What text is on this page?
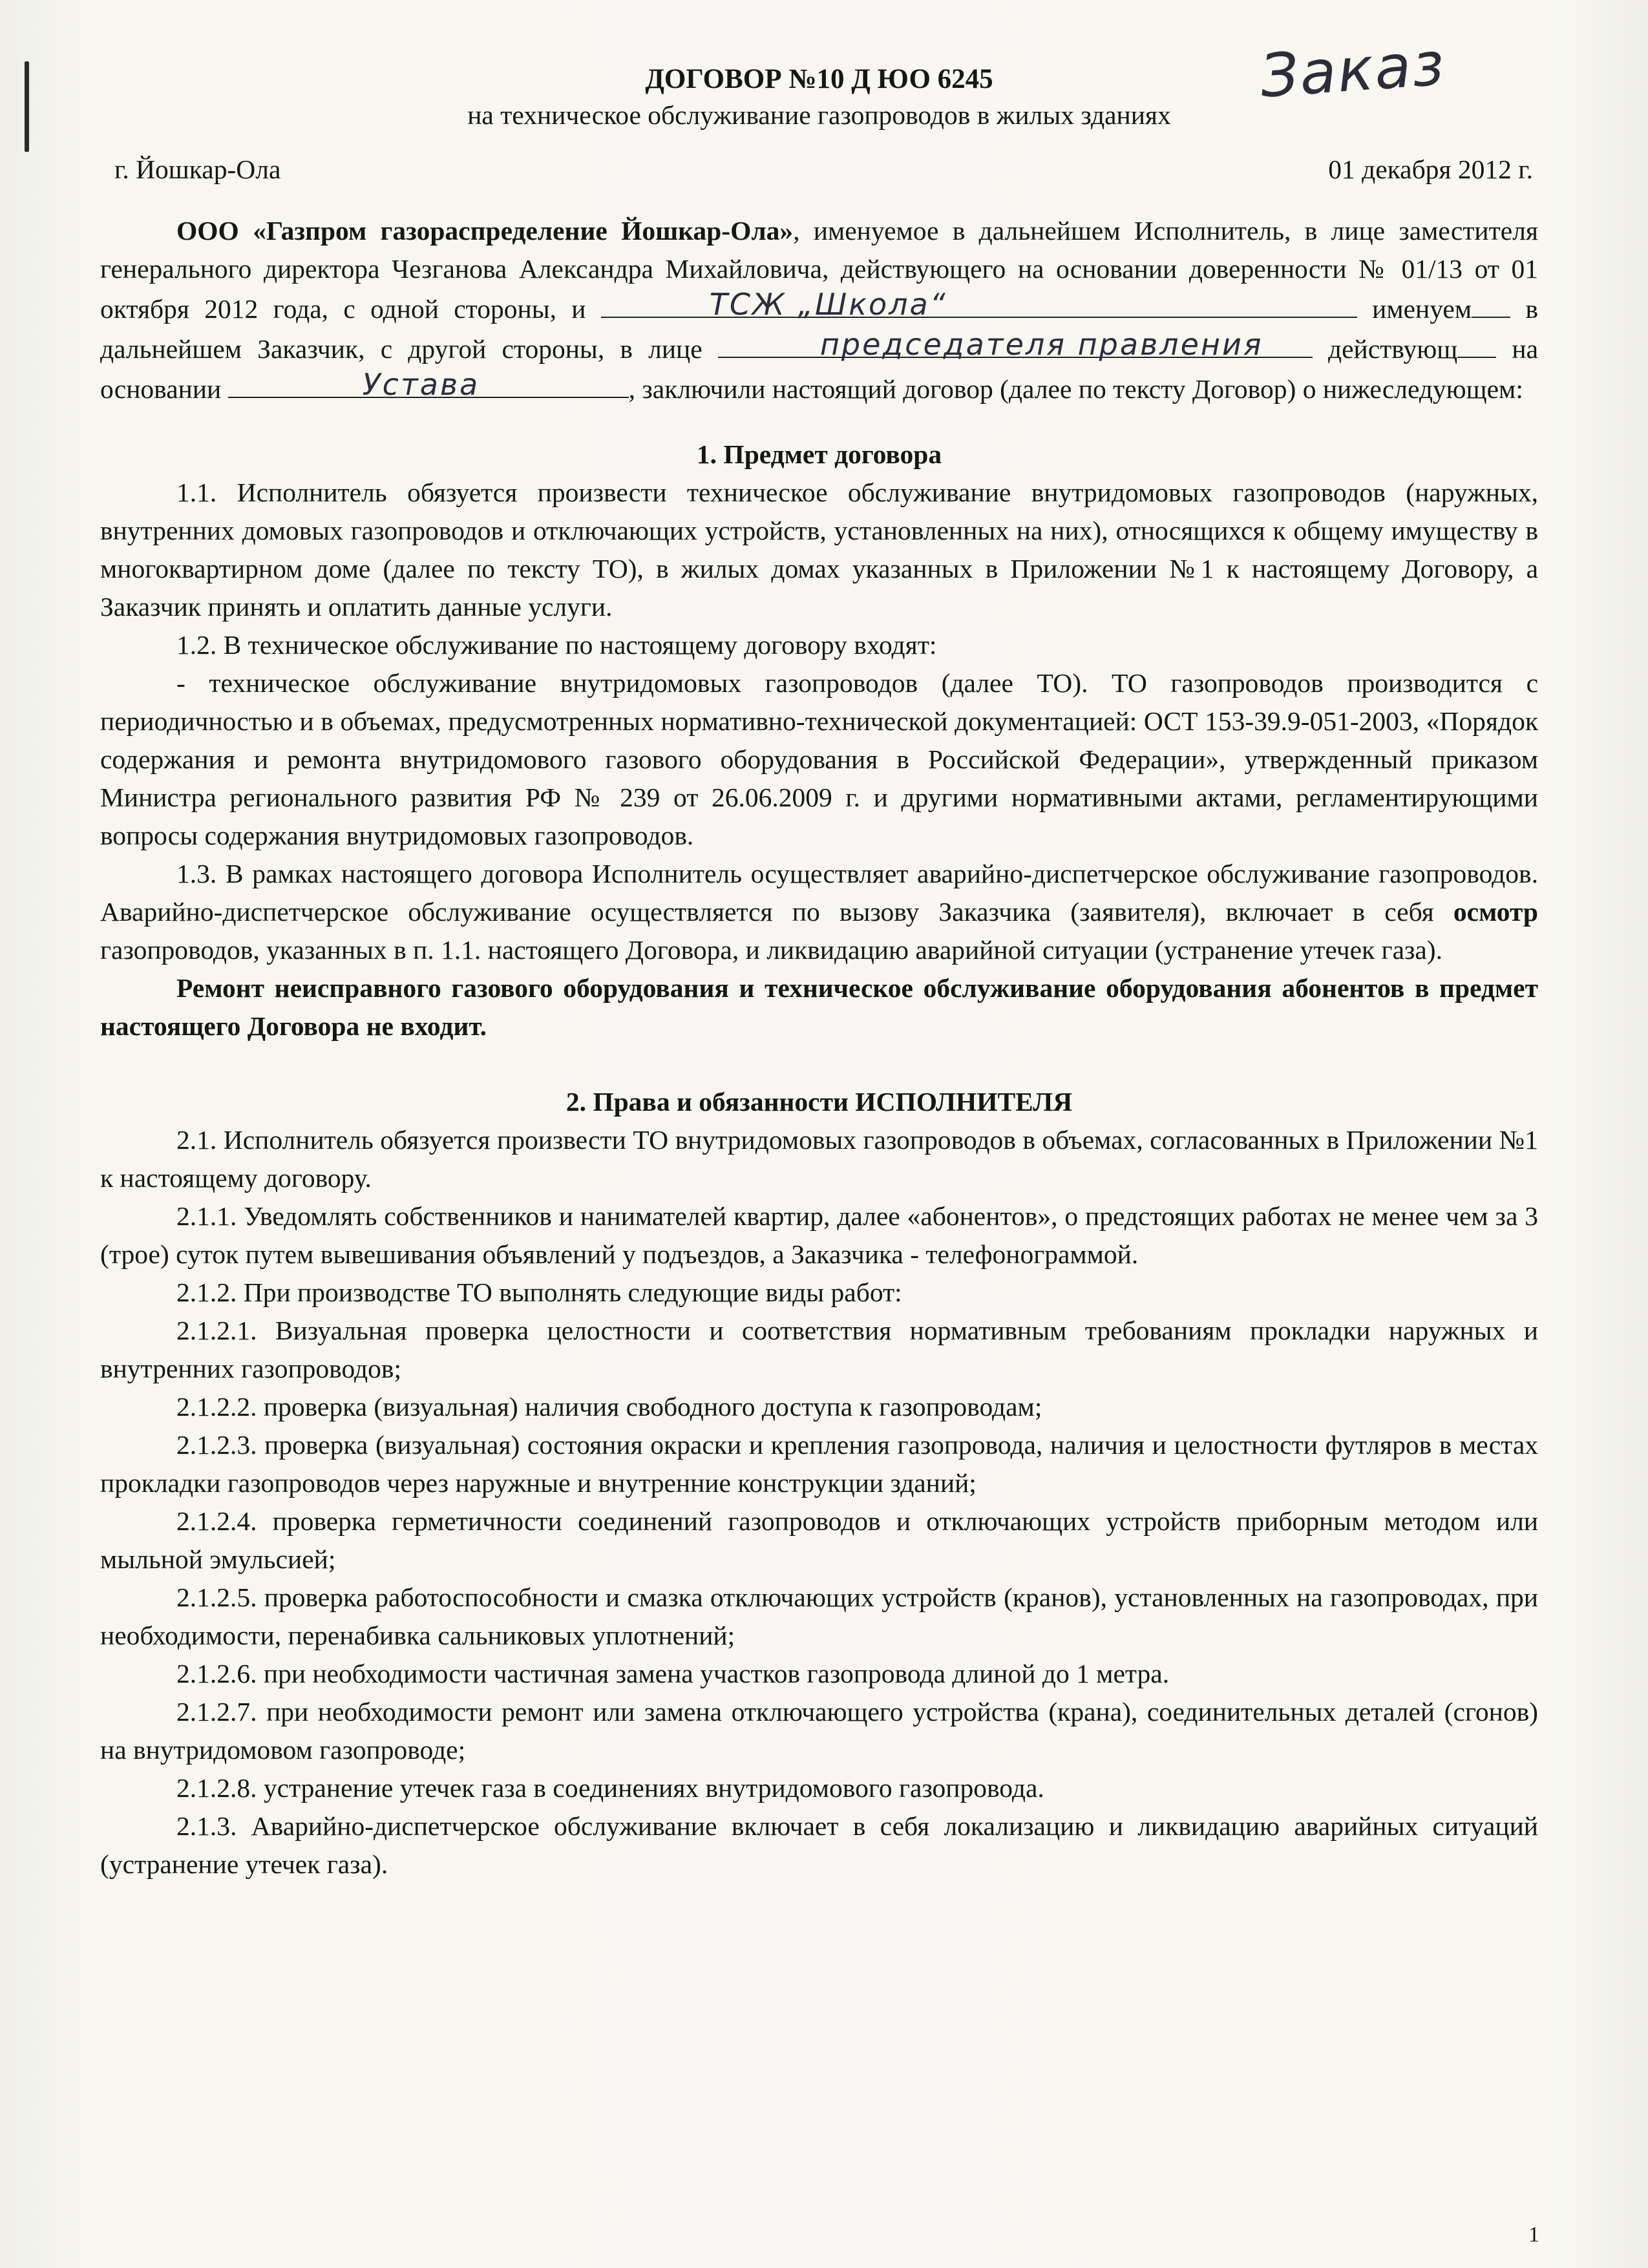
Заказ
ДОГОВОР №10 Д ЮО 6245
на техническое обслуживание газопроводов в жилых зданиях
г. Йошкар-Ола	01 декабря 2012 г.

ООО «Газпром газораспределение Йошкар-Ола», именуемое в дальнейшем Исполнитель, в лице заместителя генерального директора Чезганова Александра Михайловича, действующего на основании доверенности № 01/13 от 01 октября 2012 года, с одной стороны, и	ТСЖ „Школа“	именуем в дальнейшем Заказчик, с другой стороны, в лице	председателя правления действующ на основании	Устава	, заключили настоящий договор (далее по тексту Договор) о нижеследующем:

1. Предмет договора

1.1. Исполнитель обязуется произвести техническое обслуживание внутридомовых газопроводов (наружных, внутренних домовых газопроводов и отключающих устройств, установленных на них), относящихся к общему имуществу в многоквартирном доме (далее по тексту ТО), в жилых домах указанных в Приложении №1 к настоящему Договору, а Заказчик принять и оплатить данные услуги.

1.2. В техническое обслуживание по настоящему договору входят:

- техническое обслуживание внутридомовых газопроводов (далее ТО). ТО газопроводов производится с периодичностью и в объемах, предусмотренных нормативно-технической документацией: ОСТ 153-39.9-051-2003, «Порядок содержания и ремонта внутридомового газового оборудования в Российской Федерации», утвержденный приказом Министра регионального развития РФ № 239 от 26.06.2009 г. и другими нормативными актами, регламентирующими вопросы содержания внутридомовых газопроводов.

1.3. В рамках настоящего договора Исполнитель осуществляет аварийно-диспетчерское обслуживание газопроводов. Аварийно-диспетчерское обслуживание осуществляется по вызову Заказчика (заявителя), включает в себя осмотр газопроводов, указанных в п. 1.1. настоящего Договора, и ликвидацию аварийной ситуации (устранение утечек газа).

Ремонт неисправного газового оборудования и техническое обслуживание оборудования абонентов в предмет настоящего Договора не входит.

2. Права и обязанности ИСПОЛНИТЕЛЯ

2.1. Исполнитель обязуется произвести ТО внутридомовых газопроводов в объемах, согласованных в Приложении №1 к настоящему договору.

2.1.1. Уведомлять собственников и нанимателей квартир, далее «абонентов», о предстоящих работах не менее чем за 3 (трое) суток путем вывешивания объявлений у подъездов, а Заказчика - телефонограммой.

2.1.2. При производстве ТО выполнять следующие виды работ:

2.1.2.1. Визуальная проверка целостности и соответствия нормативным требованиям прокладки наружных и внутренних газопроводов;

2.1.2.2. проверка (визуальная) наличия свободного доступа к газопроводам;

2.1.2.3. проверка (визуальная) состояния окраски и крепления газопровода, наличия и целостности футляров в местах прокладки газопроводов через наружные и внутренние конструкции зданий;

2.1.2.4. проверка герметичности соединений газопроводов и отключающих устройств приборным методом или мыльной эмульсией;

2.1.2.5. проверка работоспособности и смазка отключающих устройств (кранов), установленных на газопроводах, при необходимости, перенабивка сальниковых уплотнений;

2.1.2.6. при необходимости частичная замена участков газопровода длиной до 1 метра.

2.1.2.7. при необходимости ремонт или замена отключающего устройства (крана), соединительных деталей (сгонов) на внутридомовом газопроводе;

2.1.2.8. устранение утечек газа в соединениях внутридомового газопровода.

2.1.3. Аварийно-диспетчерское обслуживание включает в себя локализацию и ликвидацию аварийных ситуаций (устранение утечек газа).

1
